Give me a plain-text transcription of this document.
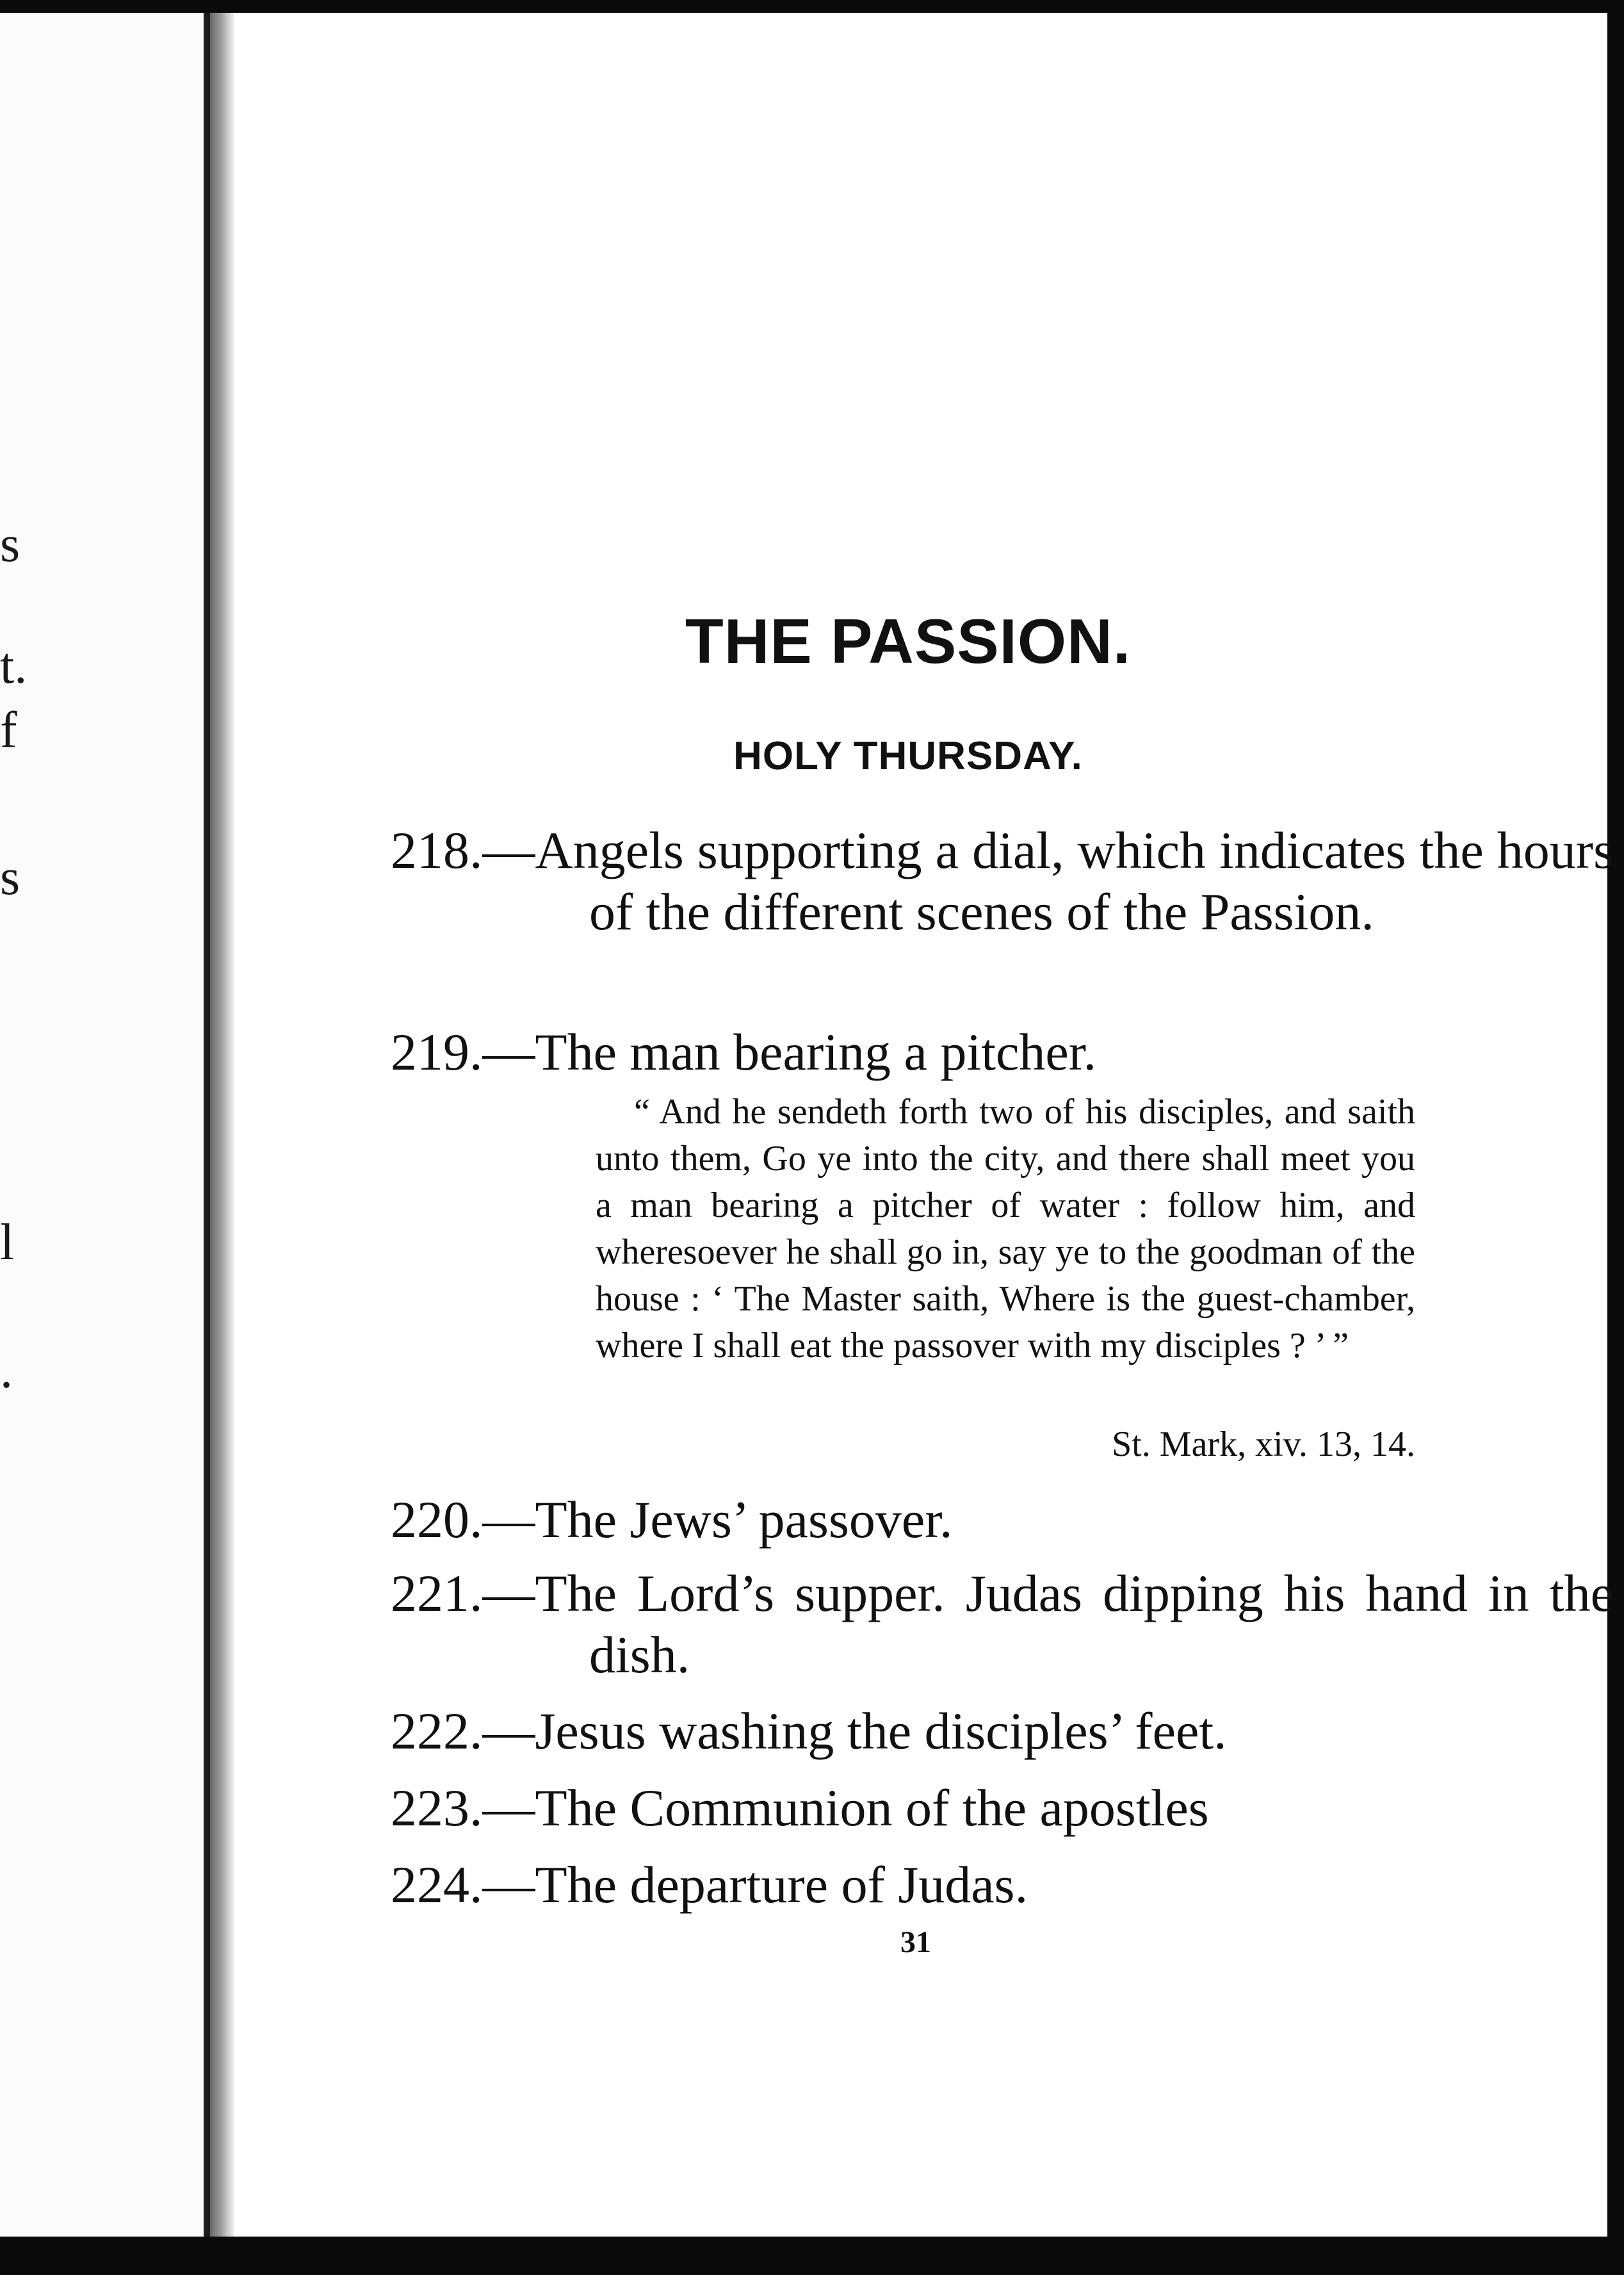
s
t.
f
s
l
.
THE PASSION.
HOLY THURSDAY.

218.—Angels supporting a dial, which indicates the hours of the different scenes of the Passion.

219.—The man bearing a pitcher.

“ And he sendeth forth two of his disciples, and saith unto them, Go ye into the city, and there shall meet you a man bearing a pitcher of water : follow him, and wheresoever he shall go in, say ye to the goodman of the house : ‘ The Master saith, Where is the guest-chamber, where I shall eat the passover with my disciples ? ’ ”

St. Mark, xiv. 13, 14.

220.—The Jews’ passover.

221.—The Lord’s supper. Judas dipping his hand in the dish.

222.—Jesus washing the disciples’ feet.

223.—The Communion of the apostles

224.—The departure of Judas.

31
